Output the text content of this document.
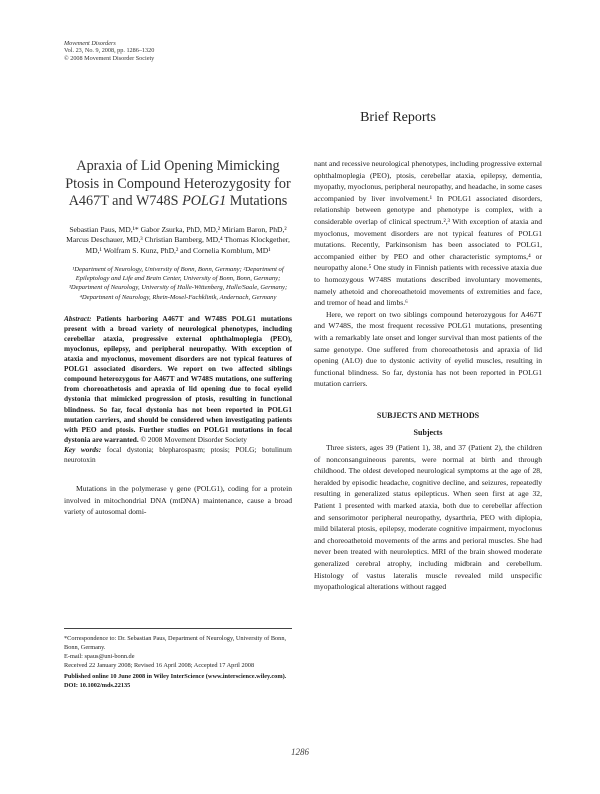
Movement Disorders
Vol. 23, No. 9, 2008, pp. 1286–1320
© 2008 Movement Disorder Society
Brief Reports
Apraxia of Lid Opening Mimicking Ptosis in Compound Heterozygosity for A467T and W748S POLG1 Mutations
Sebastian Paus, MD,¹* Gabor Zsurka, PhD, MD,² Miriam Baron, PhD,² Marcus Deschauer, MD,³ Christian Bamberg, MD,⁴ Thomas Klockgether, MD,¹ Wolfram S. Kunz, PhD,² and Cornelia Kornblum, MD¹
¹Department of Neurology, University of Bonn, Bonn, Germany; ²Department of Epileptology and Life and Brain Center, University of Bonn, Bonn, Germany; ³Department of Neurology, University of Halle-Wittenberg, Halle/Saale, Germany; ⁴Department of Neurology, Rhein-Mosel-Fachklinik, Andernach, Germany

Abstract: Patients harboring A467T and W748S POLG1 mutations present with a broad variety of neurological phenotypes, including cerebellar ataxia, progressive external ophthalmoplegia (PEO), myoclonus, epilepsy, and peripheral neuropathy. With exception of ataxia and myoclonus, movement disorders are not typical features of POLG1 associated disorders. We report on two affected siblings compound heterozygous for A467T and W748S mutations, one suffering from choreoathetosis and apraxia of lid opening due to focal eyelid dystonia that mimicked progression of ptosis, resulting in functional blindness. So far, focal dystonia has not been reported in POLG1 mutation carriers, and should be considered when investigating patients with PEO and ptosis. Further studies on POLG1 mutations in focal dystonia are warranted. © 2008 Movement Disorder Society

Key words: focal dystonia; blepharospasm; ptosis; POLG; botulinum neurotoxin

Mutations in the polymerase γ gene (POLG1), coding for a protein involved in mitochondrial DNA (mtDNA) maintenance, cause a broad variety of autosomal domi-

*Correspondence to: Dr. Sebastian Paus, Department of Neurology, University of Bonn, Bonn, Germany.

E-mail: spaus@uni-bonn.de

Received 22 January 2008; Revised 16 April 2008; Accepted 17 April 2008

Published online 10 June 2008 in Wiley InterScience (www.interscience.wiley.com). DOI: 10.1002/mds.22135

nant and recessive neurological phenotypes, including progressive external ophthalmoplegia (PEO), ptosis, cerebellar ataxia, epilepsy, dementia, myopathy, myoclonus, peripheral neuropathy, and headache, in some cases accompanied by liver involvement.¹ In POLG1 associated disorders, relationship between genotype and phenotype is complex, with a considerable overlap of clinical spectrum.²,³ With exception of ataxia and myoclonus, movement disorders are not typical features of POLG1 mutations. Recently, Parkinsonism has been associated to POLG1, accompanied either by PEO and other characteristic symptoms,⁴ or neuropathy alone.⁵ One study in Finnish patients with recessive ataxia due to homozygous W748S mutations described involuntary movements, namely athetoid and choreoathetoid movements of extremities and face, and tremor of head and limbs.⁶

Here, we report on two siblings compound heterozygous for A467T and W748S, the most frequent recessive POLG1 mutations, presenting with a remarkably late onset and longer survival than most patients of the same genotype. One suffered from choreoathetosis and apraxia of lid opening (ALO) due to dystonic activity of eyelid muscles, resulting in functional blindness. So far, dystonia has not been reported in POLG1 mutation carriers.

SUBJECTS AND METHODS
Subjects

Three sisters, ages 39 (Patient 1), 38, and 37 (Patient 2), the children of nonconsanguineous parents, were normal at birth and through childhood. The oldest developed neurological symptoms at the age of 28, heralded by episodic headache, cognitive decline, and seizures, repeatedly resulting in generalized status epilepticus. When seen first at age 32, Patient 1 presented with marked ataxia, both due to cerebellar affection and sensorimotor peripheral neuropathy, dysarthria, PEO with diplopia, mild bilateral ptosis, epilepsy, moderate cognitive impairment, myoclonus and choreoathetoid movements of the arms and perioral muscles. She had never been treated with neuroleptics. MRI of the brain showed moderate generalized cerebral atrophy, including midbrain and cerebellum. Histology of vastus lateralis muscle revealed mild unspecific myopathological alterations without ragged

1286
